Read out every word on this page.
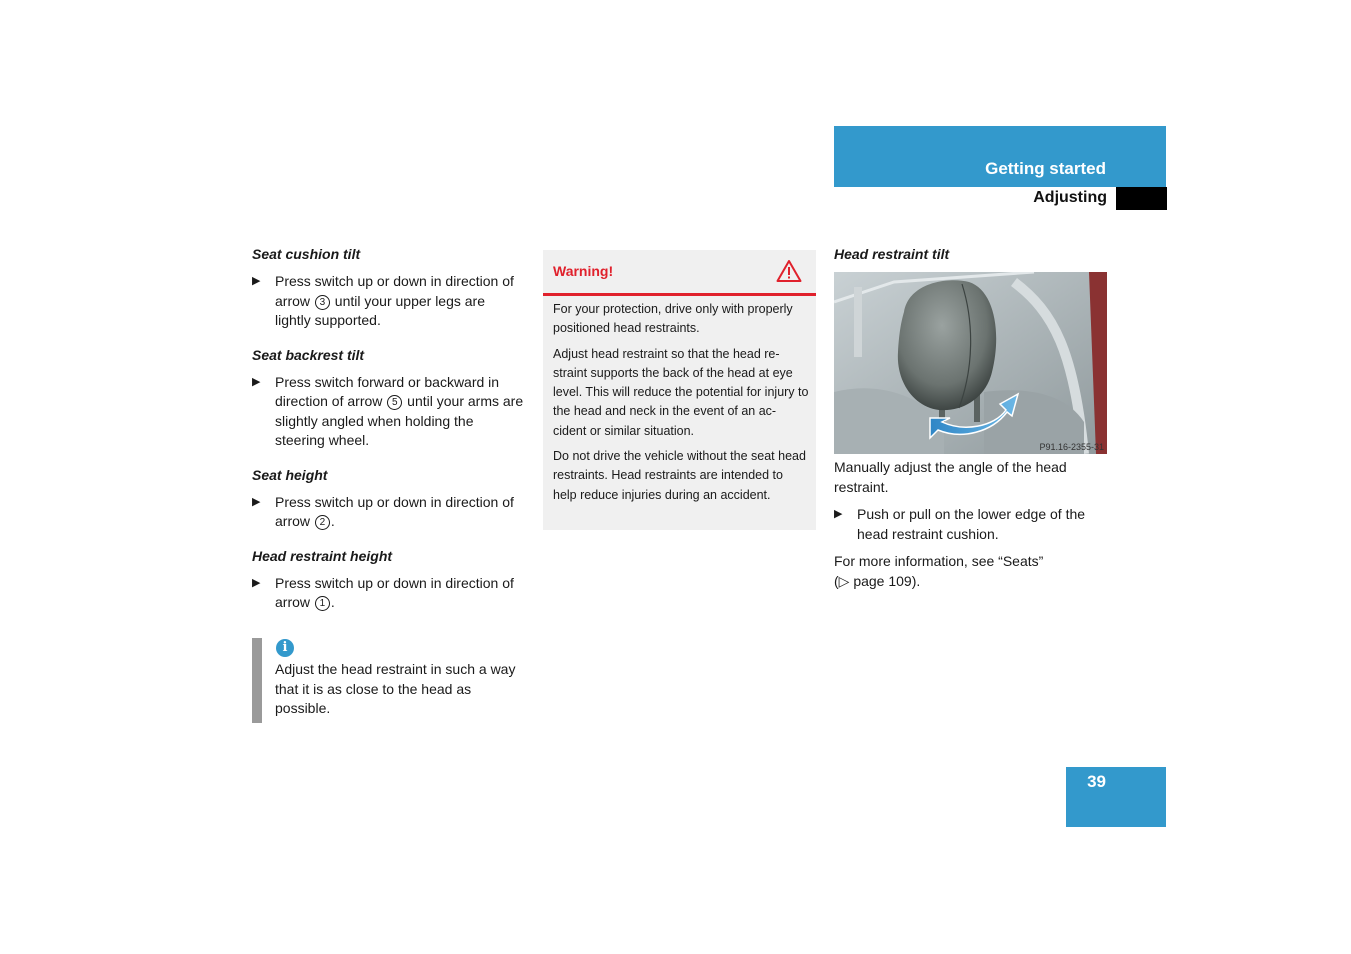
Getting started
Adjusting
Seat cushion tilt
▶ Press switch up or down in direction of arrow 3 until your upper legs are lightly supported.
Seat backrest tilt
▶ Press switch forward or backward in direction of arrow 5 until your arms are slightly angled when holding the steering wheel.
Seat height
▶ Press switch up or down in direction of arrow 2 .
Head restraint height
▶ Press switch up or down in direction of arrow 1 .
i
Adjust the head restraint in such a way that it is as close to the head as possible.
Warning!

For your protection, drive only with properly positioned head restraints.

Adjust head restraint so that the head re-straint supports the back of the head at eye level. This will reduce the potential for injury to the head and neck in the event of an ac-cident or similar situation.

Do not drive the vehicle without the seat head restraints. Head restraints are intended to help reduce injuries during an accident.

Head restraint tilt
P91.16-2355-31

Manually adjust the angle of the head restraint.

▶ Push or pull on the lower edge of the head restraint cushion.

For more information, see “Seats”
(▷ page 109).

39
